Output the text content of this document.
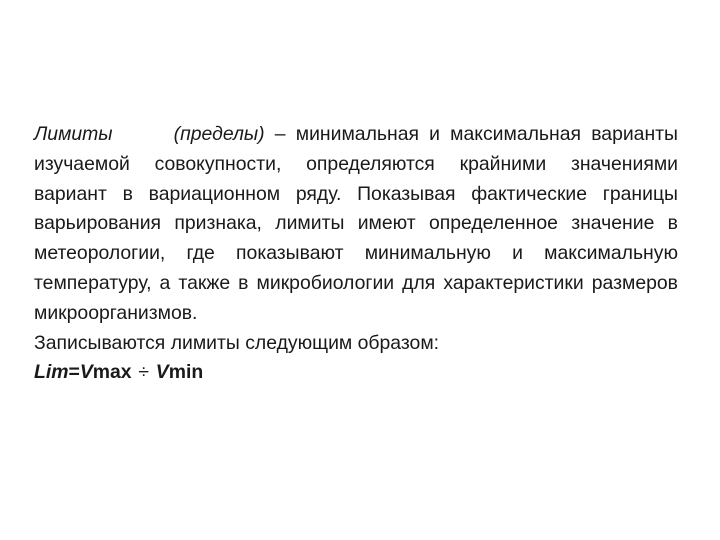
Лимиты	(пределы) – минимальная и максимальная варианты изучаемой совокупности, определяются крайними значениями вариант в вариационном ряду. Показывая фактические границы варьирования признака, лимиты имеют определенное значение в метеорологии, где показывают минимальную и максимальную температуру, а также в микробиологии для характеристики размеров микроорганизмов.

Записываются лимиты следующим образом:

Lim=Vmax ÷ Vmin
